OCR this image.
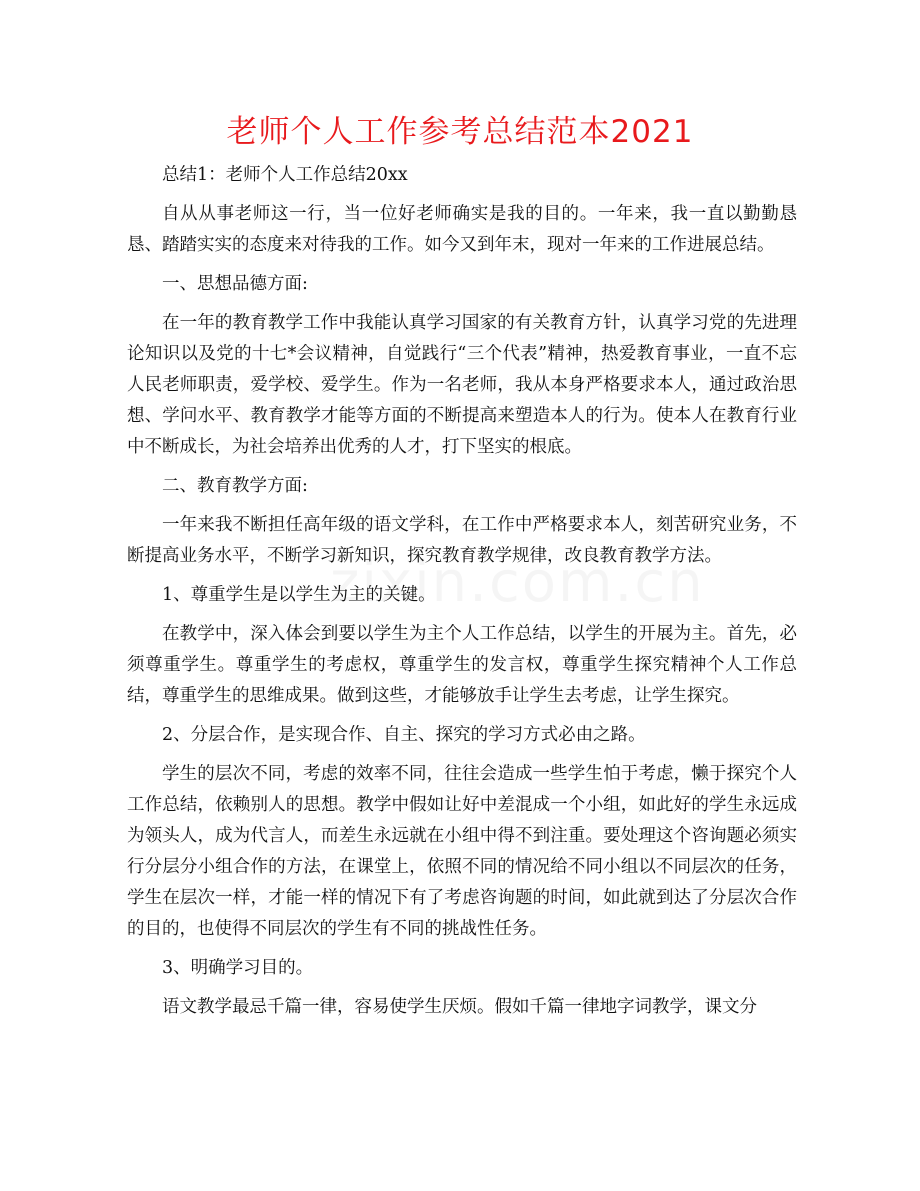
老师个人工作参考总结范本2021

总结1：老师个人工作总结20xx

自从从事老师这一行，当一位好老师确实是我的目的。一年来，我一直以勤勤恳恳、踏踏实实的态度来对待我的工作。如今又到年末，现对一年来的工作进展总结。

一、思想品德方面:

在一年的教育教学工作中我能认真学习国家的有关教育方针，认真学习党的先进理论知识以及党的十七*会议精神，自觉践行“三个代表”精神，热爱教育事业，一直不忘人民老师职责，爱学校、爱学生。作为一名老师，我从本身严格要求本人，通过政治思想、学问水平、教育教学才能等方面的不断提高来塑造本人的行为。使本人在教育行业中不断成长，为社会培养出优秀的人才，打下坚实的根底。

二、教育教学方面:

一年来我不断担任高年级的语文学科，在工作中严格要求本人，刻苦研究业务，不断提高业务水平，不断学习新知识，探究教育教学规律，改良教育教学方法。

1、尊重学生是以学生为主的关键。

在教学中，深入体会到要以学生为主个人工作总结，以学生的开展为主。首先，必须尊重学生。尊重学生的考虑权，尊重学生的发言权，尊重学生探究精神个人工作总结，尊重学生的思维成果。做到这些，才能够放手让学生去考虑，让学生探究。

2、分层合作，是实现合作、自主、探究的学习方式必由之路。

学生的层次不同，考虑的效率不同，往往会造成一些学生怕于考虑，懒于探究个人工作总结，依赖别人的思想。教学中假如让好中差混成一个小组，如此好的学生永远成为领头人，成为代言人，而差生永远就在小组中得不到注重。要处理这个咨询题必须实行分层分小组合作的方法，在课堂上，依照不同的情况给不同小组以不同层次的任务，学生在层次一样，才能一样的情况下有了考虑咨询题的时间，如此就到达了分层次合作的目的，也使得不同层次的学生有不同的挑战性任务。

3、明确学习目的。

语文教学最忌千篇一律，容易使学生厌烦。假如千篇一律地字词教学，课文分
